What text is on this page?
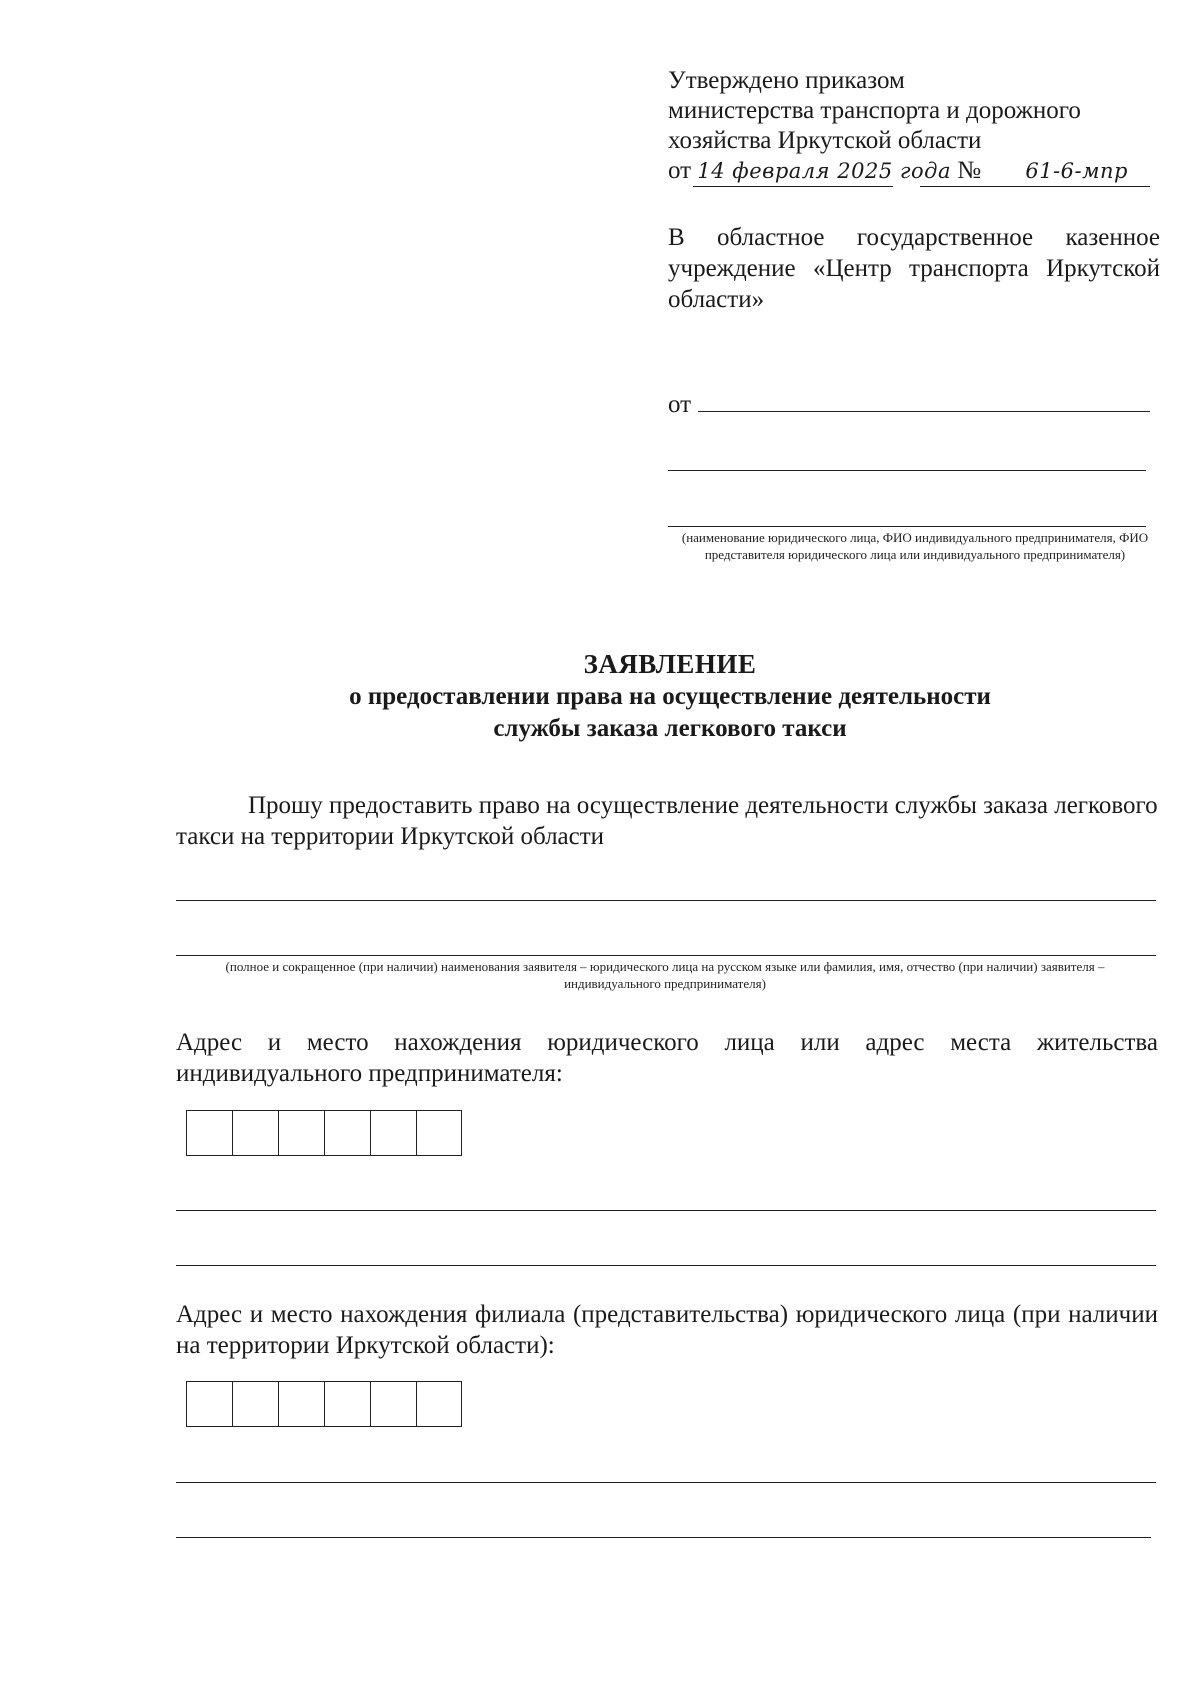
Утверждено приказом
министерства транспорта и дорожного
хозяйства Иркутской области
от 14 февраля 2025 года № 61-6-мпр
В областное государственное казенное учреждение «Центр транспорта Иркутской области»
от
(наименование юридического лица, ФИО индивидуального предпринимателя, ФИО представителя юридического лица или индивидуального предпринимателя)
ЗАЯВЛЕНИЕ
о предоставлении права на осуществление деятельности службы заказа легкового такси
Прошу предоставить право на осуществление деятельности службы заказа легкового такси на территории Иркутской области
(полное и сокращенное (при наличии) наименования заявителя – юридического лица на русском языке или фамилия, имя, отчество (при наличии) заявителя – индивидуального предпринимателя)
Адрес и место нахождения юридического лица или адрес места жительства индивидуального предпринимателя:
Адрес и место нахождения филиала (представительства) юридического лица (при наличии на территории Иркутской области):
